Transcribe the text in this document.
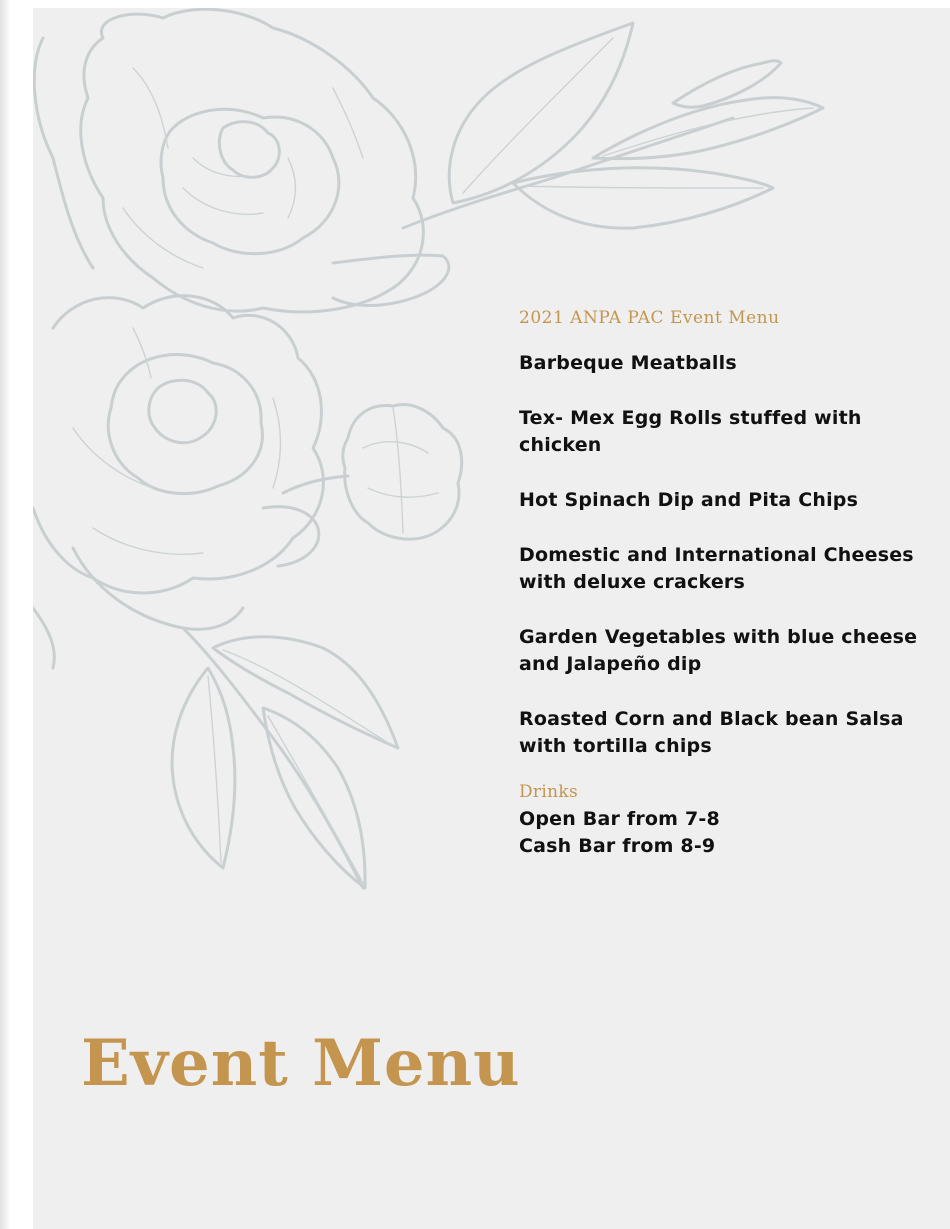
2021 ANPA PAC Event Menu

Barbeque Meatballs

Tex- Mex Egg Rolls stuffed with chicken

Hot Spinach Dip and Pita Chips

Domestic and International Cheeses with deluxe crackers

Garden Vegetables with blue cheese and Jalapeño dip

Roasted Corn and Black bean Salsa with tortilla chips

Drinks

Open Bar from 7-8
Cash Bar from 8-9
Event Menu
